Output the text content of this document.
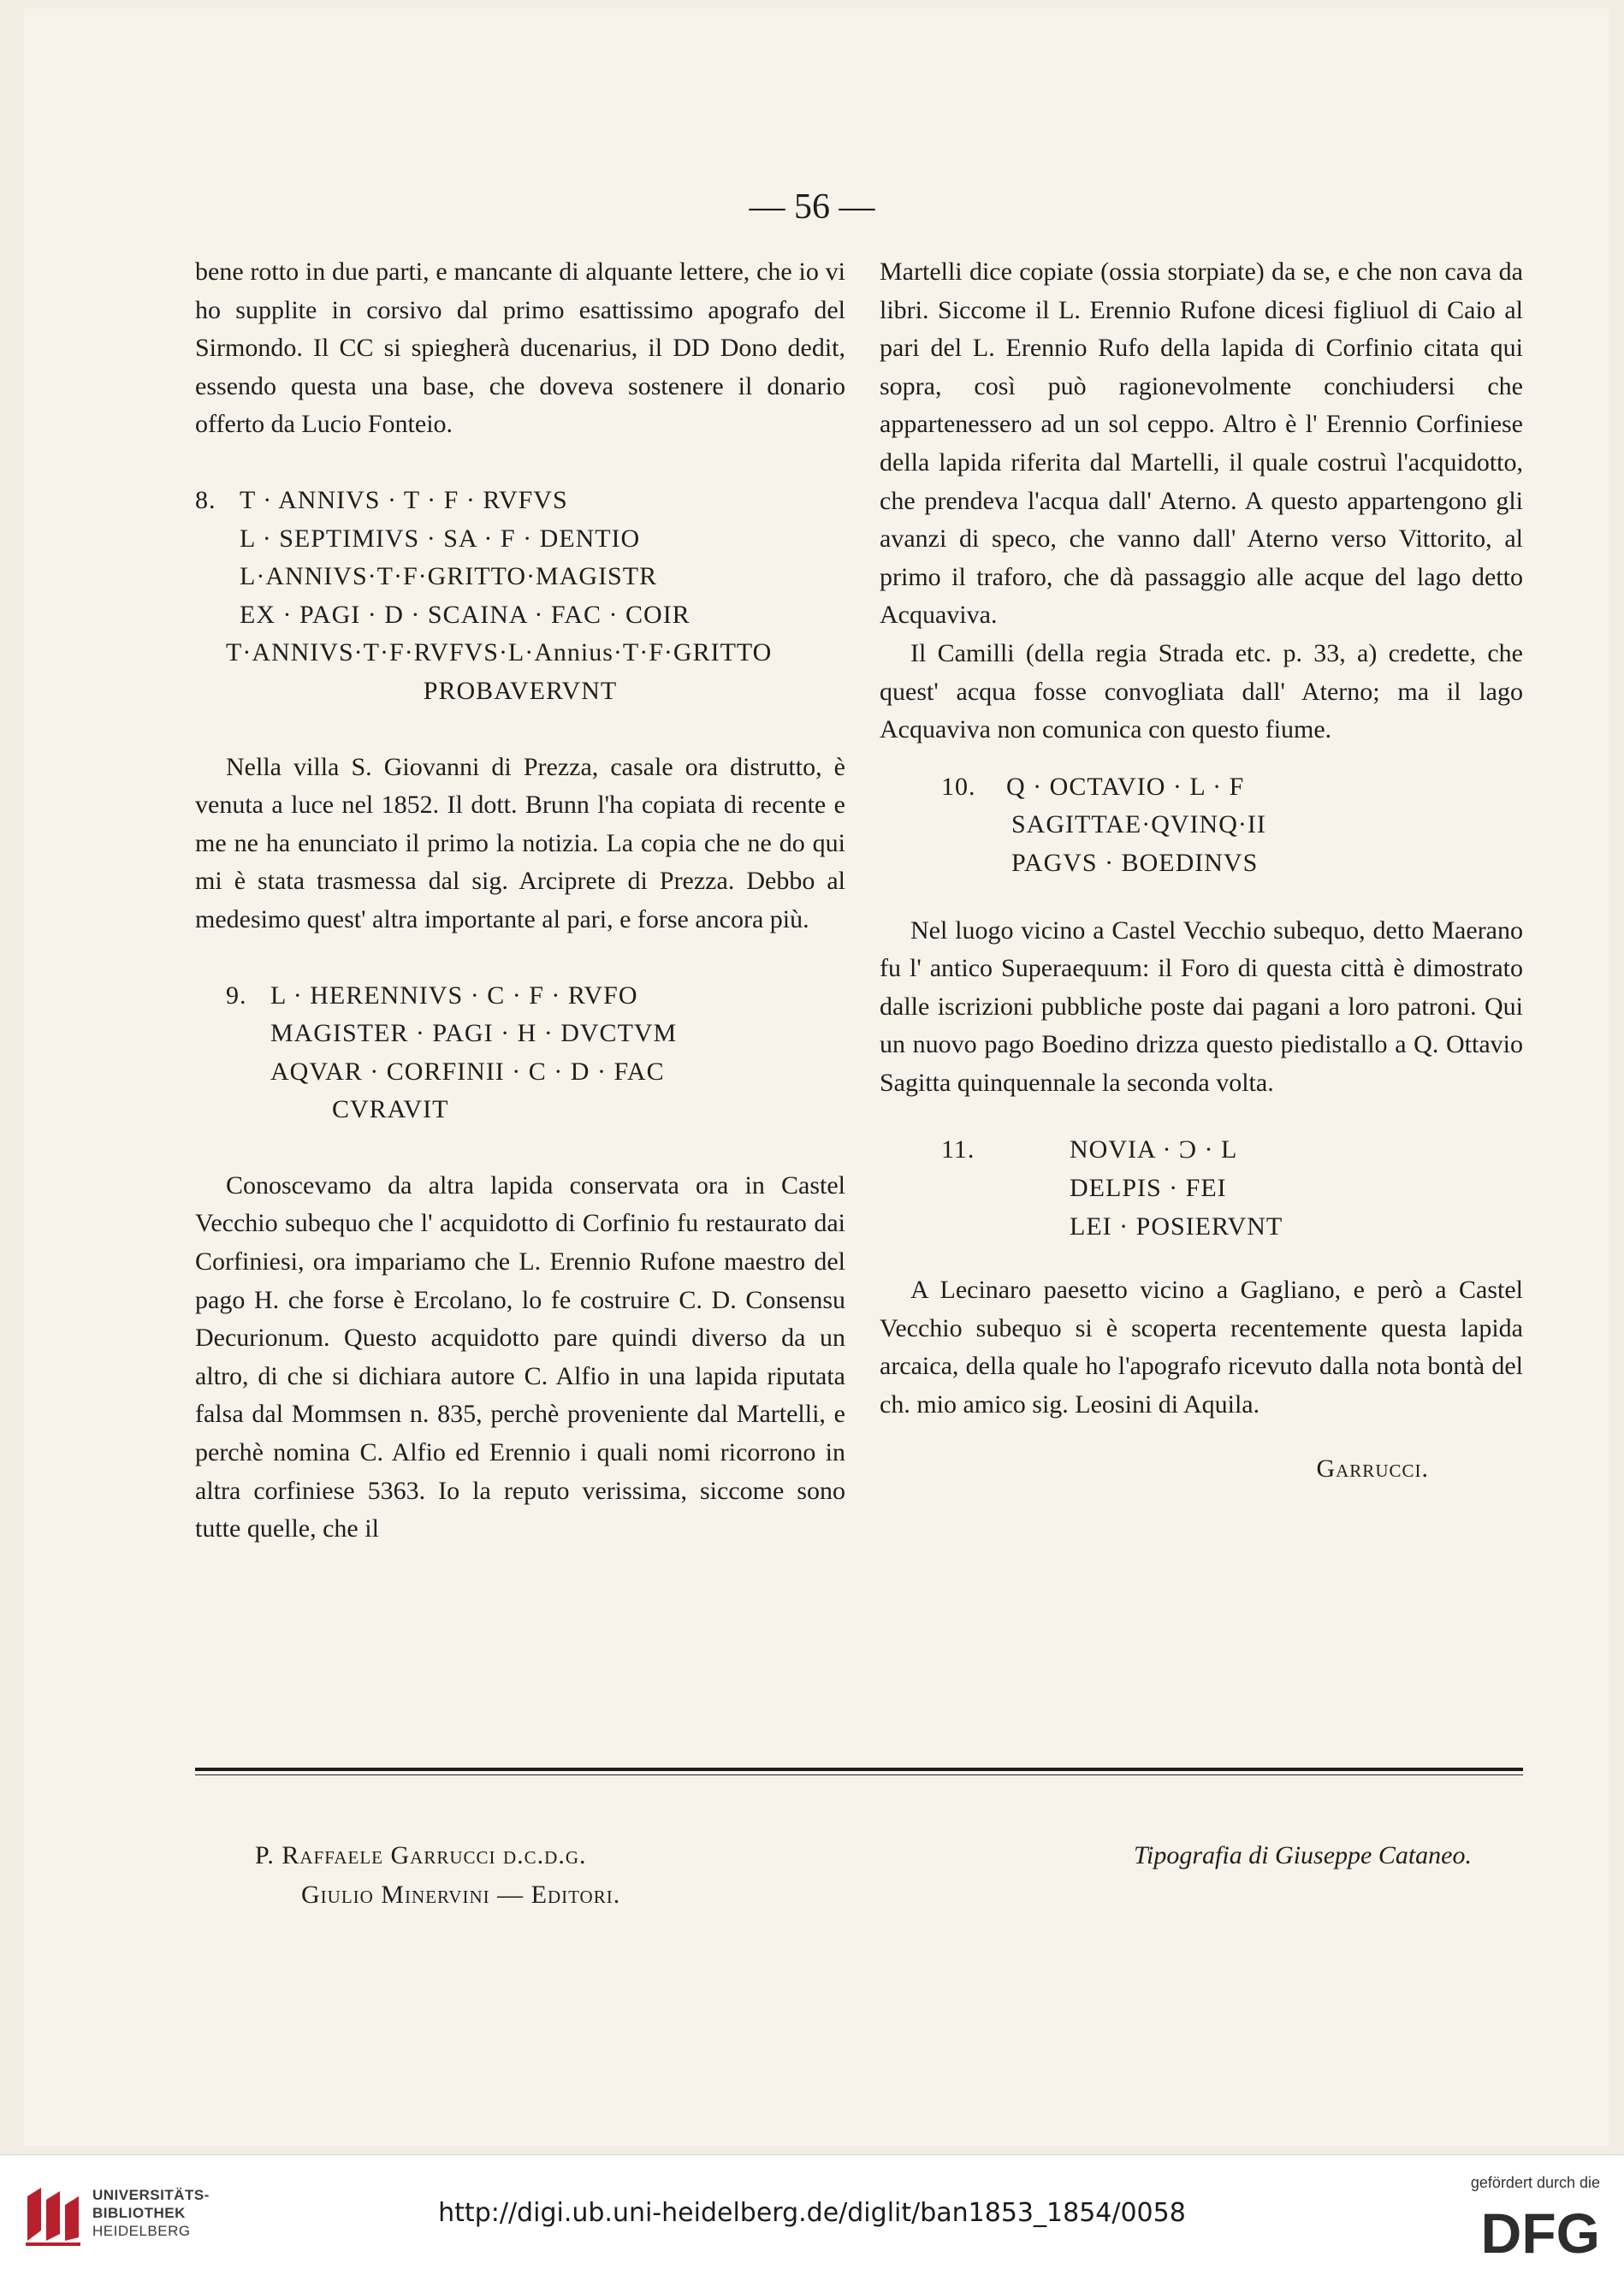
— 56 —

bene rotto in due parti, e mancante di alquante lettere, che io vi ho supplite in corsivo dal primo esattissimo apografo del Sirmondo. Il CC si spiegherà ducenarius, il DD Dono dedit, essendo questa una base, che doveva sostenere il donario offerto da Lucio Fonteio.

8. T · ANNIVS · T · F · RVFVS
L · SEPTIMIVS · SA · F · DENTIO
L·ANNIVS·T·F·GRITTO·MAGISTR
EX · PAGI · D · SCAINA · FAC · COIR
T·ANNIVS·T·F·RVFVS·L·Annius·T·F·GRITTO
PROBAVERVNT

Nella villa S. Giovanni di Prezza, casale ora distrutto, è venuta a luce nel 1852. Il dott. Brunn l'ha copiata di recente e me ne ha enunciato il primo la notizia. La copia che ne do qui mi è stata trasmessa dal sig. Arciprete di Prezza. Debbo al medesimo quest' altra importante al pari, e forse ancora più.

9. L · HERENNIVS · C · F · RVFO
MAGISTER · PAGI · H · DVCTVM
AQVAR · CORFINII · C · D · FAC
CVRAVIT

Conoscevamo da altra lapida conservata ora in Castel Vecchio subequo che l' acquidotto di Corfinio fu restaurato dai Corfiniesi, ora impariamo che L. Erennio Rufone maestro del pago H. che forse è Ercolano, lo fe costruire C. D. Consensu Decurionum. Questo acquidotto pare quindi diverso da un altro, di che si dichiara autore C. Alfio in una lapida riputata falsa dal Mommsen n. 835, perchè proveniente dal Martelli, e perchè nomina C. Alfio ed Erennio i quali nomi ricorrono in altra corfiniese 5363. Io la reputo verissima, siccome sono tutte quelle, che il

Martelli dice copiate (ossia storpiate) da se, e che non cava da libri. Siccome il L. Erennio Rufone dicesi figliuol di Caio al pari del L. Erennio Rufo della lapida di Corfinio citata qui sopra, così può ragionevolmente conchiudersi che appartenessero ad un sol ceppo. Altro è l' Erennio Corfiniese della lapida riferita dal Martelli, il quale costruì l'acquidotto, che prendeva l'acqua dall' Aterno. A questo appartengono gli avanzi di speco, che vanno dall' Aterno verso Vittorito, al primo il traforo, che dà passaggio alle acque del lago detto Acquaviva.

Il Camilli (della regia Strada etc. p. 33, a) credette, che quest' acqua fosse convogliata dall' Aterno; ma il lago Acquaviva non comunica con questo fiume.

10. Q · OCTAVIO · L · F
SAGITTAE·QVINQ·II
PAGVS · BOEDINVS

Nel luogo vicino a Castel Vecchio subequo, detto Maerano fu l' antico Superaequum: il Foro di questa città è dimostrato dalle iscrizioni pubbliche poste dai pagani a loro patroni. Qui un nuovo pago Boedino drizza questo piedistallo a Q. Ottavio Sagitta quinquennale la seconda volta.

11.	NOVIA · Ͻ · L
DELPIS · FEI
LEI · POSIERVNT

A Lecinaro paesetto vicino a Gagliano, e però a Castel Vecchio subequo si è scoperta recentemente questa lapida arcaica, della quale ho l'apografo ricevuto dalla nota bontà del ch. mio amico sig. Leosini di Aquila.

Garrucci.
P. Raffaele Garrucci d.c.d.g.
Giulio Minervini — Editori.
Tipografia di Giuseppe Cataneo.
UNIVERSITÄTS-
BIBLIOTHEK
HEIDELBERG
http://digi.ub.uni-heidelberg.de/diglit/ban1853_1854/0058
gefördert durch die
DFG
